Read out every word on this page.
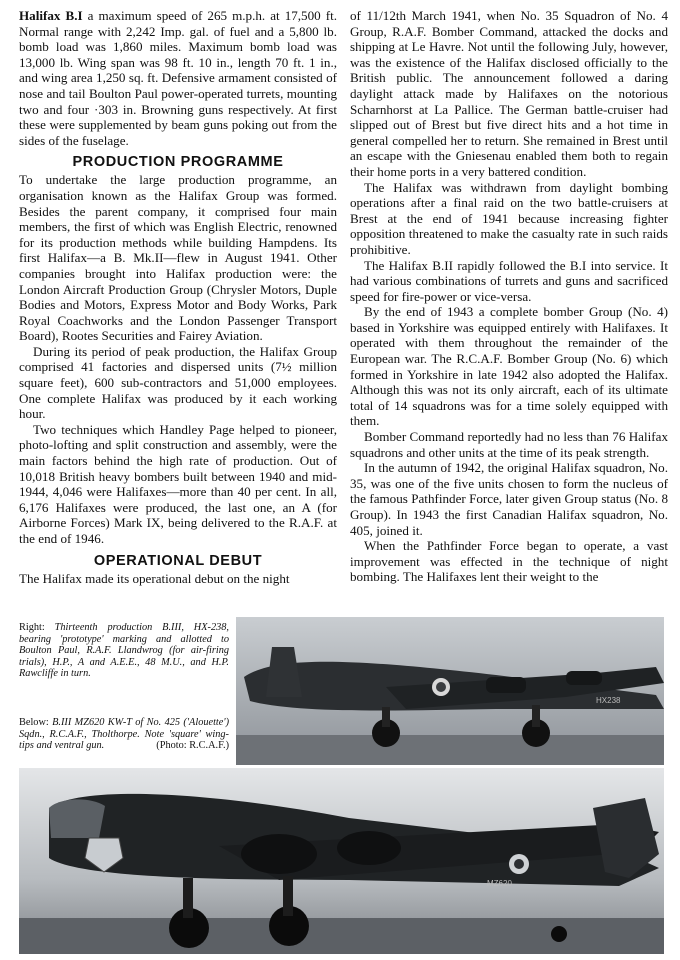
Halifax B.I a maximum speed of 265 m.p.h. at 17,500 ft. Normal range with 2,242 Imp. gal. of fuel and a 5,800 lb. bomb load was 1,860 miles. Maximum bomb load was 13,000 lb. Wing span was 98 ft. 10 in., length 70 ft. 1 in., and wing area 1,250 sq. ft. Defensive armament consisted of nose and tail Boulton Paul power-operated turrets, mounting two and four ·303 in. Browning guns respectively. At first these were supplemented by beam guns poking out from the sides of the fuselage.

PRODUCTION PROGRAMME

To undertake the large production programme, an organisation known as the Halifax Group was formed. Besides the parent company, it comprised four main members, the first of which was English Electric, renowned for its production methods while building Hampdens. Its first Halifax—a B. Mk.II—flew in August 1941. Other companies brought into Halifax production were: the London Aircraft Production Group (Chrysler Motors, Duple Bodies and Motors, Express Motor and Body Works, Park Royal Coachworks and the London Passenger Transport Board), Rootes Securities and Fairey Aviation.

During its period of peak production, the Halifax Group comprised 41 factories and dispersed units (7½ million square feet), 600 sub-contractors and 51,000 employees. One complete Halifax was produced by it each working hour.

Two techniques which Handley Page helped to pioneer, photo-lofting and split construction and assembly, were the main factors behind the high rate of production. Out of 10,018 British heavy bombers built between 1940 and mid-1944, 4,046 were Halifaxes—more than 40 per cent. In all, 6,176 Halifaxes were produced, the last one, an A (for Airborne Forces) Mark IX, being delivered to the R.A.F. at the end of 1946.

OPERATIONAL DEBUT

The Halifax made its operational debut on the night

of 11/12th March 1941, when No. 35 Squadron of No. 4 Group, R.A.F. Bomber Command, attacked the docks and shipping at Le Havre. Not until the following July, however, was the existence of the Halifax disclosed officially to the British public. The announcement followed a daring daylight attack made by Halifaxes on the notorious Scharnhorst at La Pallice. The German battle-cruiser had slipped out of Brest but five direct hits and a hot time in general compelled her to return. She remained in Brest until an escape with the Gniesenau enabled them both to regain their home ports in a very battered condition.

The Halifax was withdrawn from daylight bombing operations after a final raid on the two battle-cruisers at Brest at the end of 1941 because increasing fighter opposition threatened to make the casualty rate in such raids prohibitive.

The Halifax B.II rapidly followed the B.I into service. It had various combinations of turrets and guns and sacrificed speed for fire-power or vice-versa.

By the end of 1943 a complete bomber Group (No. 4) based in Yorkshire was equipped entirely with Halifaxes. It operated with them throughout the remainder of the European war. The R.C.A.F. Bomber Group (No. 6) which formed in Yorkshire in late 1942 also adopted the Halifax. Although this was not its only aircraft, each of its ultimate total of 14 squadrons was for a time solely equipped with them.

Bomber Command reportedly had no less than 76 Halifax squadrons and other units at the time of its peak strength.

In the autumn of 1942, the original Halifax squadron, No. 35, was one of the five units chosen to form the nucleus of the famous Pathfinder Force, later given Group status (No. 8 Group). In 1943 the first Canadian Halifax squadron, No. 405, joined it.

When the Pathfinder Force began to operate, a vast improvement was effected in the technique of night bombing. The Halifaxes lent their weight to the

Right: Thirteenth production B.III, HX-238, bearing 'prototype' marking and allotted to Boulton Paul, R.A.F. Llandwrog (for air-firing trials), H.P., A and A.E.E., 48 M.U., and H.P. Rawcliffe in turn.
Below: B.III MZ620 KW-T of No. 425 ('Alouette') Sqdn., R.C.A.F., Tholthorpe. Note 'square' wing-tips and ventral gun.	(Photo: R.C.A.F.)
HX238
MZ620
